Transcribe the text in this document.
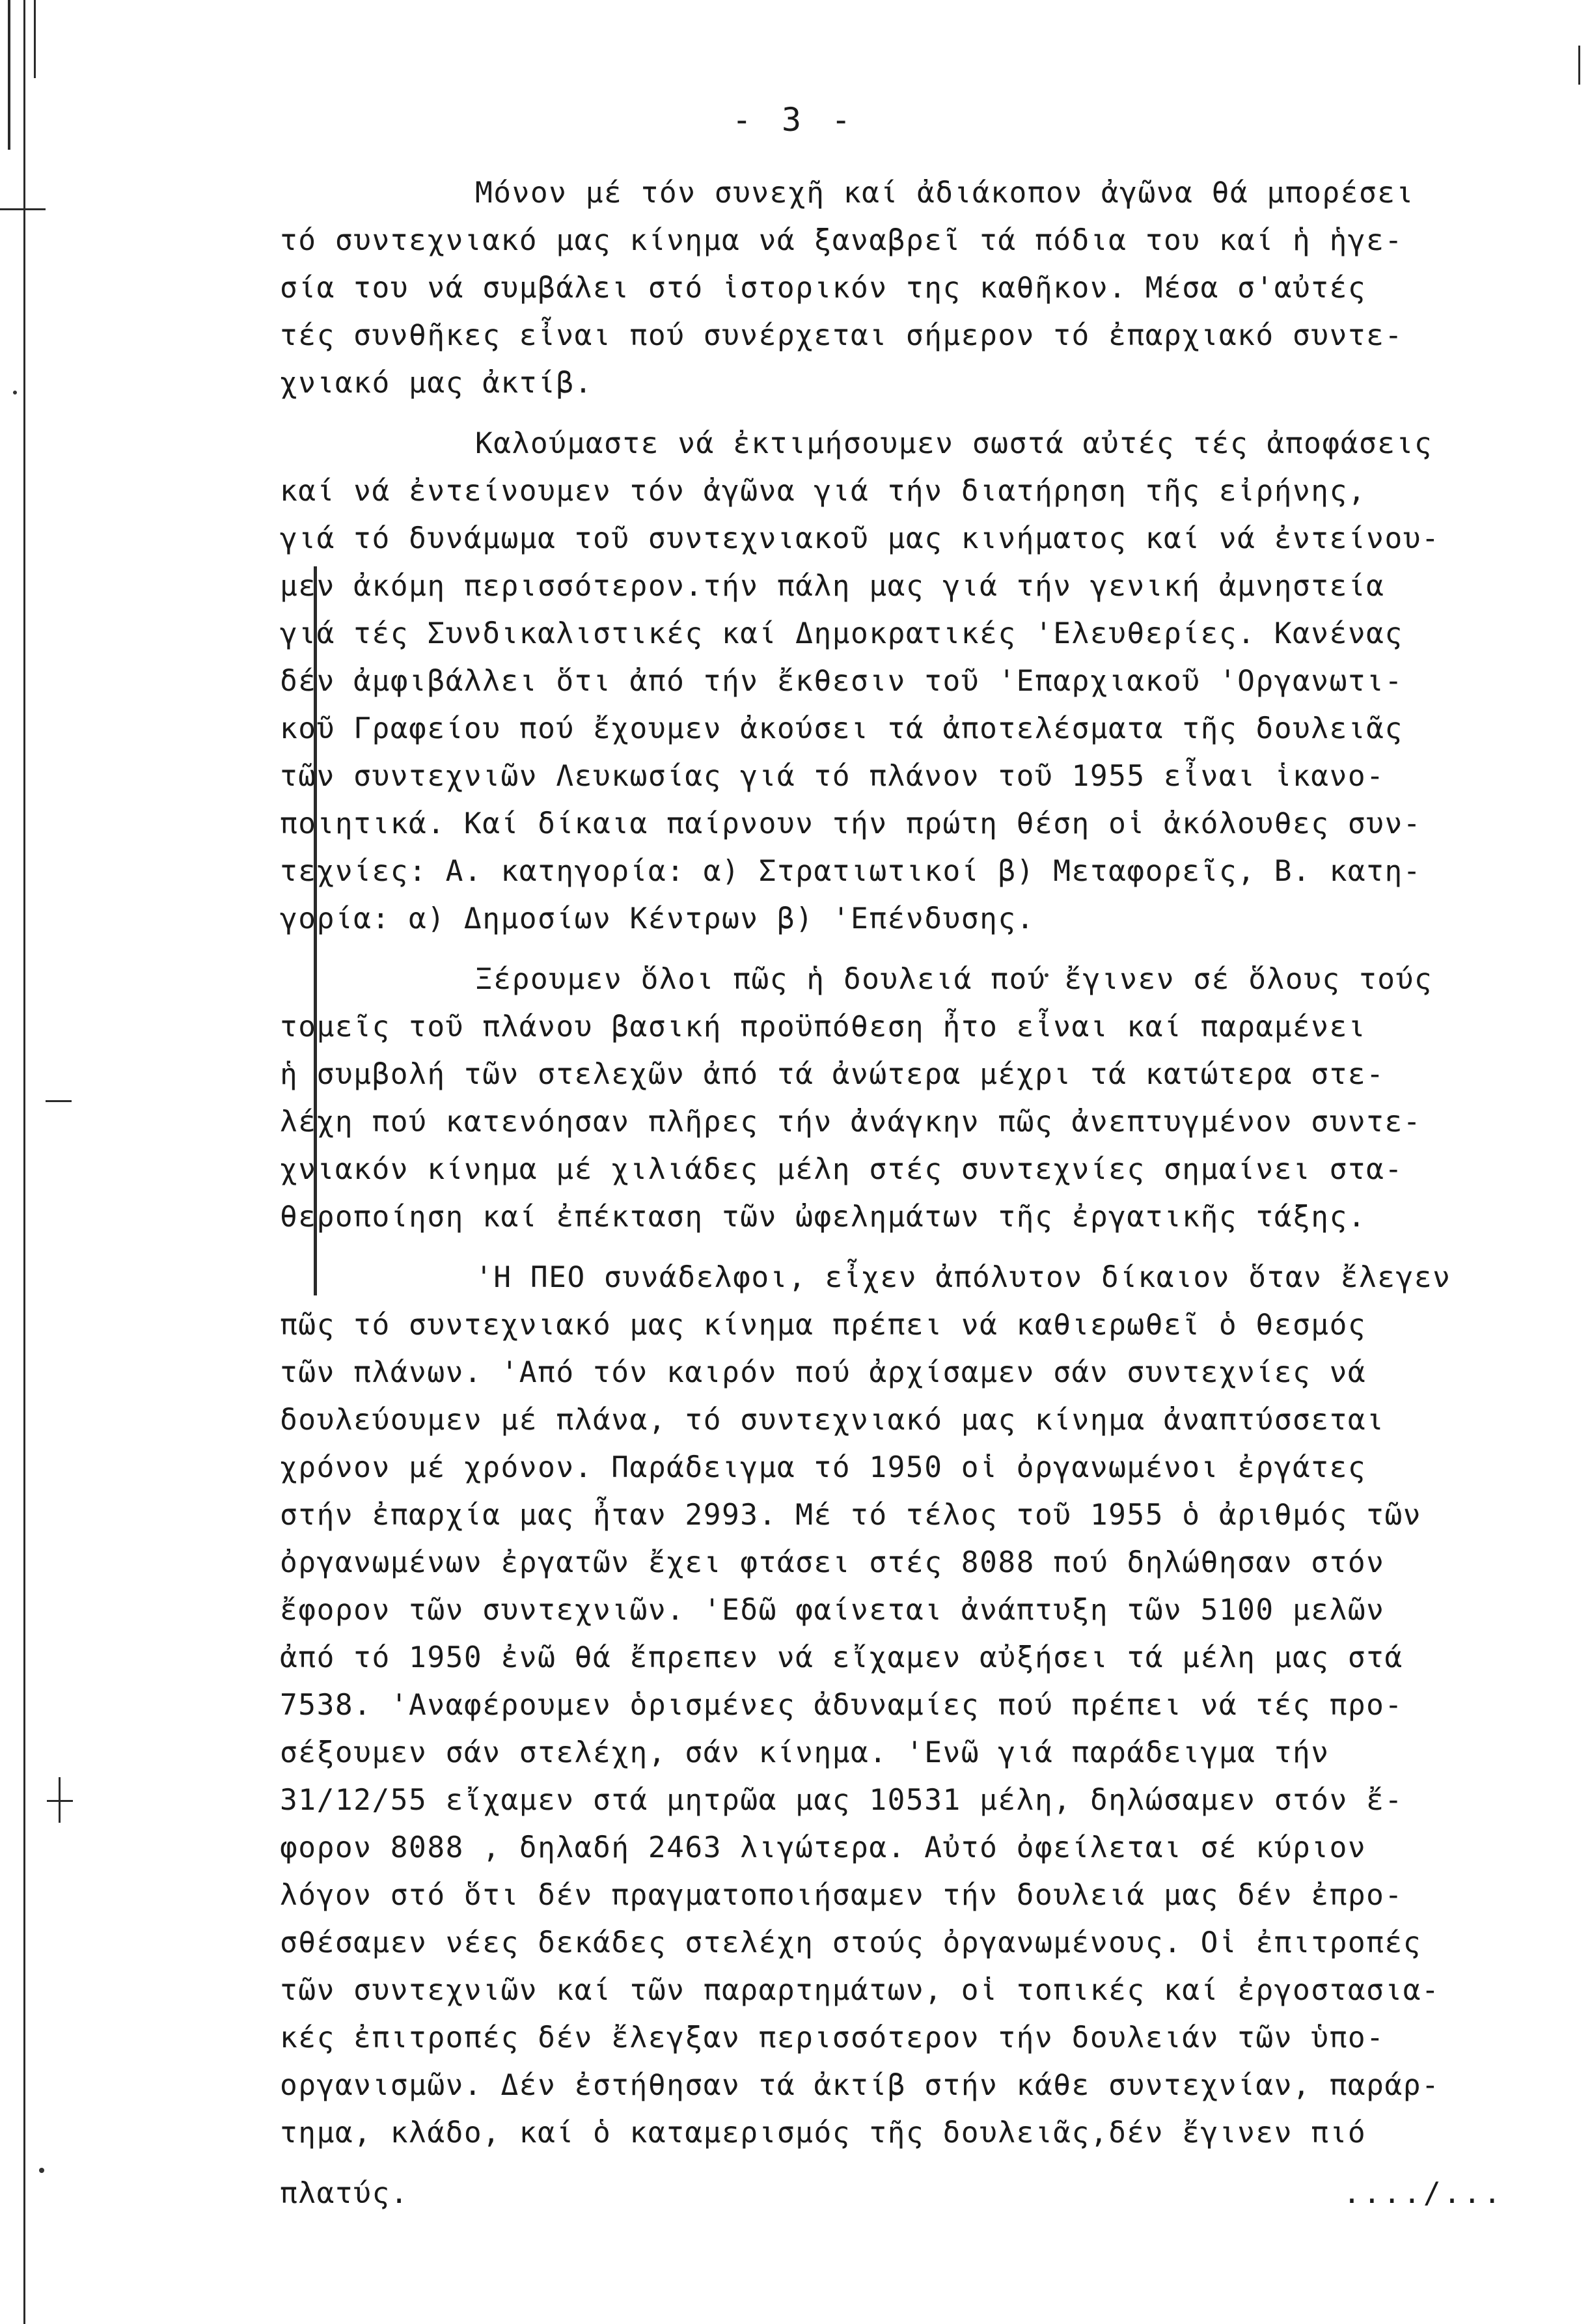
- 3 -
Μόνον μέ τόν συνεχῆ καί ἀδιάκοπον ἀγῶνα θά μπορέσει
τό συντεχνιακό μας κίνημα νά ξαναβρεῖ τά πόδια του καί ἡ ἡγε-
σία του νά συμβάλει στό ἱστορικόν της καθῆκον. Μέσα σ'αὐτές
τές συνθῆκες εἶναι πού συνέρχεται σήμερον τό ἐπαρχιακό συντε-
χνιακό μας ἀκτίβ.
Καλούμαστε νά ἐκτιμήσουμεν σωστά αὐτές τές ἀποφάσεις
καί νά ἐντείνουμεν τόν ἀγῶνα γιά τήν διατήρηση τῆς εἰρήνης,
γιά τό δυνάμωμα τοῦ συντεχνιακοῦ μας κινήματος καί νά ἐντείνου-
μεν ἀκόμη περισσότερον.τήν πάλη μας γιά τήν γενική ἀμνηστεία
γιά τές Συνδικαλιστικές καί Δημοκρατικές 'Ελευθερίες. Κανένας
δέν ἀμφιβάλλει ὅτι ἀπό τήν ἔκθεσιν τοῦ 'Επαρχιακοῦ 'Οργανωτι-
κοῦ Γραφείου πού ἔχουμεν ἀκούσει τά ἀποτελέσματα τῆς δουλειᾶς
τῶν συντεχνιῶν Λευκωσίας γιά τό πλάνον τοῦ 1955 εἶναι ἱκανο-
ποιητικά. Καί δίκαια παίρνουν τήν πρώτη θέση οἱ ἀκόλουθες συν-
τεχνίες: Α. κατηγορία: α) Στρατιωτικοί β) Μεταφορεῖς, Β. κατη-
γορία: α) Δημοσίων Κέντρων β) 'Επένδυσης.
Ξέρουμεν ὅλοι πῶς ἡ δουλειά πού ἔγινεν σέ ὅλους τούς
τομεῖς τοῦ πλάνου βασική προϋπόθεση ἦτο εἶναι καί παραμένει
ἡ συμβολή τῶν στελεχῶν ἀπό τά ἀνώτερα μέχρι τά κατώτερα στε-
λέχη πού κατενόησαν πλῆρες τήν ἀνάγκην πῶς ἀνεπτυγμένον συντε-
χνιακόν κίνημα μέ χιλιάδες μέλη στές συντεχνίες σημαίνει στα-
θεροποίηση καί ἐπέκταση τῶν ὠφελημάτων τῆς ἐργατικῆς τάξης.
'Η ΠΕΟ συνάδελφοι, εἶχεν ἀπόλυτον δίκαιον ὅταν ἔλεγεν
πῶς τό συντεχνιακό μας κίνημα πρέπει νά καθιερωθεῖ ὁ θεσμός
τῶν πλάνων. 'Από τόν καιρόν πού ἀρχίσαμεν σάν συντεχνίες νά
δουλεύουμεν μέ πλάνα, τό συντεχνιακό μας κίνημα ἀναπτύσσεται
χρόνον μέ χρόνον. Παράδειγμα τό 1950 οἱ ὀργανωμένοι ἐργάτες
στήν ἐπαρχία μας ἦταν 2993. Μέ τό τέλος τοῦ 1955 ὁ ἀριθμός τῶν
ὀργανωμένων ἐργατῶν ἔχει φτάσει στές 8088 πού δηλώθησαν στόν
ἔφορον τῶν συντεχνιῶν. 'Εδῶ φαίνεται ἀνάπτυξη τῶν 5100 μελῶν
ἀπό τό 1950 ἐνῶ θά ἔπρεπεν νά εἴχαμεν αὐξήσει τά μέλη μας στά
7538. 'Αναφέρουμεν ὁρισμένες ἀδυναμίες πού πρέπει νά τές προ-
σέξουμεν σάν στελέχη, σάν κίνημα. 'Ενῶ γιά παράδειγμα τήν
31/12/55 εἴχαμεν στά μητρῶα μας 10531 μέλη, δηλώσαμεν στόν ἔ-
φορον 8088 , δηλαδή 2463 λιγώτερα. Αὐτό ὀφείλεται σέ κύριον
λόγον στό ὅτι δέν πραγματοποιήσαμεν τήν δουλειά μας δέν ἐπρο-
σθέσαμεν νέες δεκάδες στελέχη στούς ὀργανωμένους. Οἱ ἐπιτροπές
τῶν συντεχνιῶν καί τῶν παραρτημάτων, οἱ τοπικές καί ἐργοστασια-
κές ἐπιτροπές δέν ἔλεγξαν περισσότερον τήν δουλειάν τῶν ὑπο-
οργανισμῶν. Δέν ἐστήθησαν τά ἀκτίβ στήν κάθε συντεχνίαν, παράρ-
τημα, κλάδο, καί ὁ καταμερισμός τῆς δουλειᾶς,δέν ἔγινεν πιό
πλατύς.	..../...
